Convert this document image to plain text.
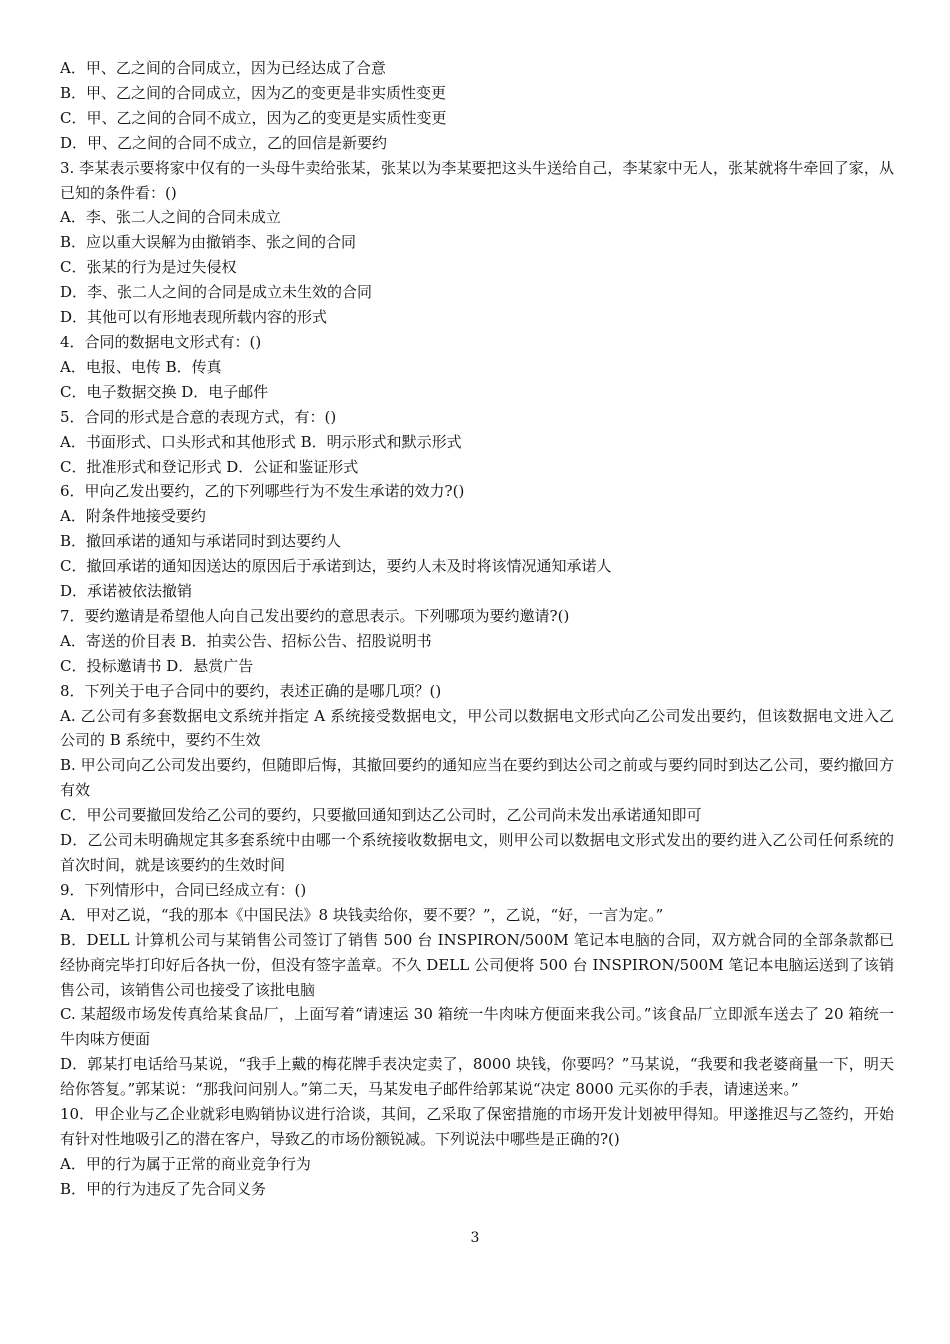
A．甲、乙之间的合同成立，因为已经达成了合意
B．甲、乙之间的合同成立，因为乙的变更是非实质性变更
C．甲、乙之间的合同不成立，因为乙的变更是实质性变更
D．甲、乙之间的合同不成立，乙的回信是新要约
3. 李某表示要将家中仅有的一头母牛卖给张某，张某以为李某要把这头牛送给自己，李某家中无人，张某就将牛牵回了家，从已知的条件看：()
A．李、张二人之间的合同未成立
B．应以重大误解为由撤销李、张之间的合同
C．张某的行为是过失侵权
D．李、张二人之间的合同是成立未生效的合同
D．其他可以有形地表现所载内容的形式
4．合同的数据电文形式有：()
A．电报、电传 B．传真
C．电子数据交换 D．电子邮件
5．合同的形式是合意的表现方式，有：()
A．书面形式、口头形式和其他形式 B．明示形式和默示形式
C．批准形式和登记形式 D．公证和鉴证形式
6．甲向乙发出要约，乙的下列哪些行为不发生承诺的效力?()
A．附条件地接受要约
B．撤回承诺的通知与承诺同时到达要约人
C．撤回承诺的通知因送达的原因后于承诺到达，要约人未及时将该情况通知承诺人
D．承诺被依法撤销
7．要约邀请是希望他人向自己发出要约的意思表示。下列哪项为要约邀请?()
A．寄送的价目表 B．拍卖公告、招标公告、招股说明书
C．投标邀请书 D．悬赏广告
8．下列关于电子合同中的要约，表述正确的是哪几项？()
A. 乙公司有多套数据电文系统并指定 A 系统接受数据电文，甲公司以数据电文形式向乙公司发出要约，但该数据电文进入乙公司的 B 系统中，要约不生效
B. 甲公司向乙公司发出要约，但随即后悔，其撤回要约的通知应当在要约到达公司之前或与要约同时到达乙公司，要约撤回方有效
C．甲公司要撤回发给乙公司的要约，只要撤回通知到达乙公司时，乙公司尚未发出承诺通知即可
D．乙公司未明确规定其多套系统中由哪一个系统接收数据电文，则甲公司以数据电文形式发出的要约进入乙公司任何系统的首次时间，就是该要约的生效时间
9．下列情形中，合同已经成立有：()
A．甲对乙说，“我的那本《中国民法》8 块钱卖给你，要不要？”，乙说，“好，一言为定。”
B．DELL 计算机公司与某销售公司签订了销售 500 台 INSPIRON/500M 笔记本电脑的合同，双方就合同的全部条款都已经协商完毕打印好后各执一份，但没有签字盖章。不久 DELL 公司便将 500 台 INSPIRON/500M 笔记本电脑运送到了该销售公司，该销售公司也接受了该批电脑
C. 某超级市场发传真给某食品厂，上面写着“请速运 30 箱统一牛肉味方便面来我公司。”该食品厂立即派车送去了 20 箱统一牛肉味方便面
D．郭某打电话给马某说，“我手上戴的梅花牌手表决定卖了，8000 块钱，你要吗？”马某说，“我要和我老婆商量一下，明天给你答复。”郭某说：“那我问问别人。”第二天，马某发电子邮件给郭某说“决定 8000 元买你的手表，请速送来。”
10．甲企业与乙企业就彩电购销协议进行洽谈，其间，乙采取了保密措施的市场开发计划被甲得知。甲遂推迟与乙签约，开始有针对性地吸引乙的潜在客户，导致乙的市场份额锐减。下列说法中哪些是正确的?()
A．甲的行为属于正常的商业竞争行为
B．甲的行为违反了先合同义务
3
